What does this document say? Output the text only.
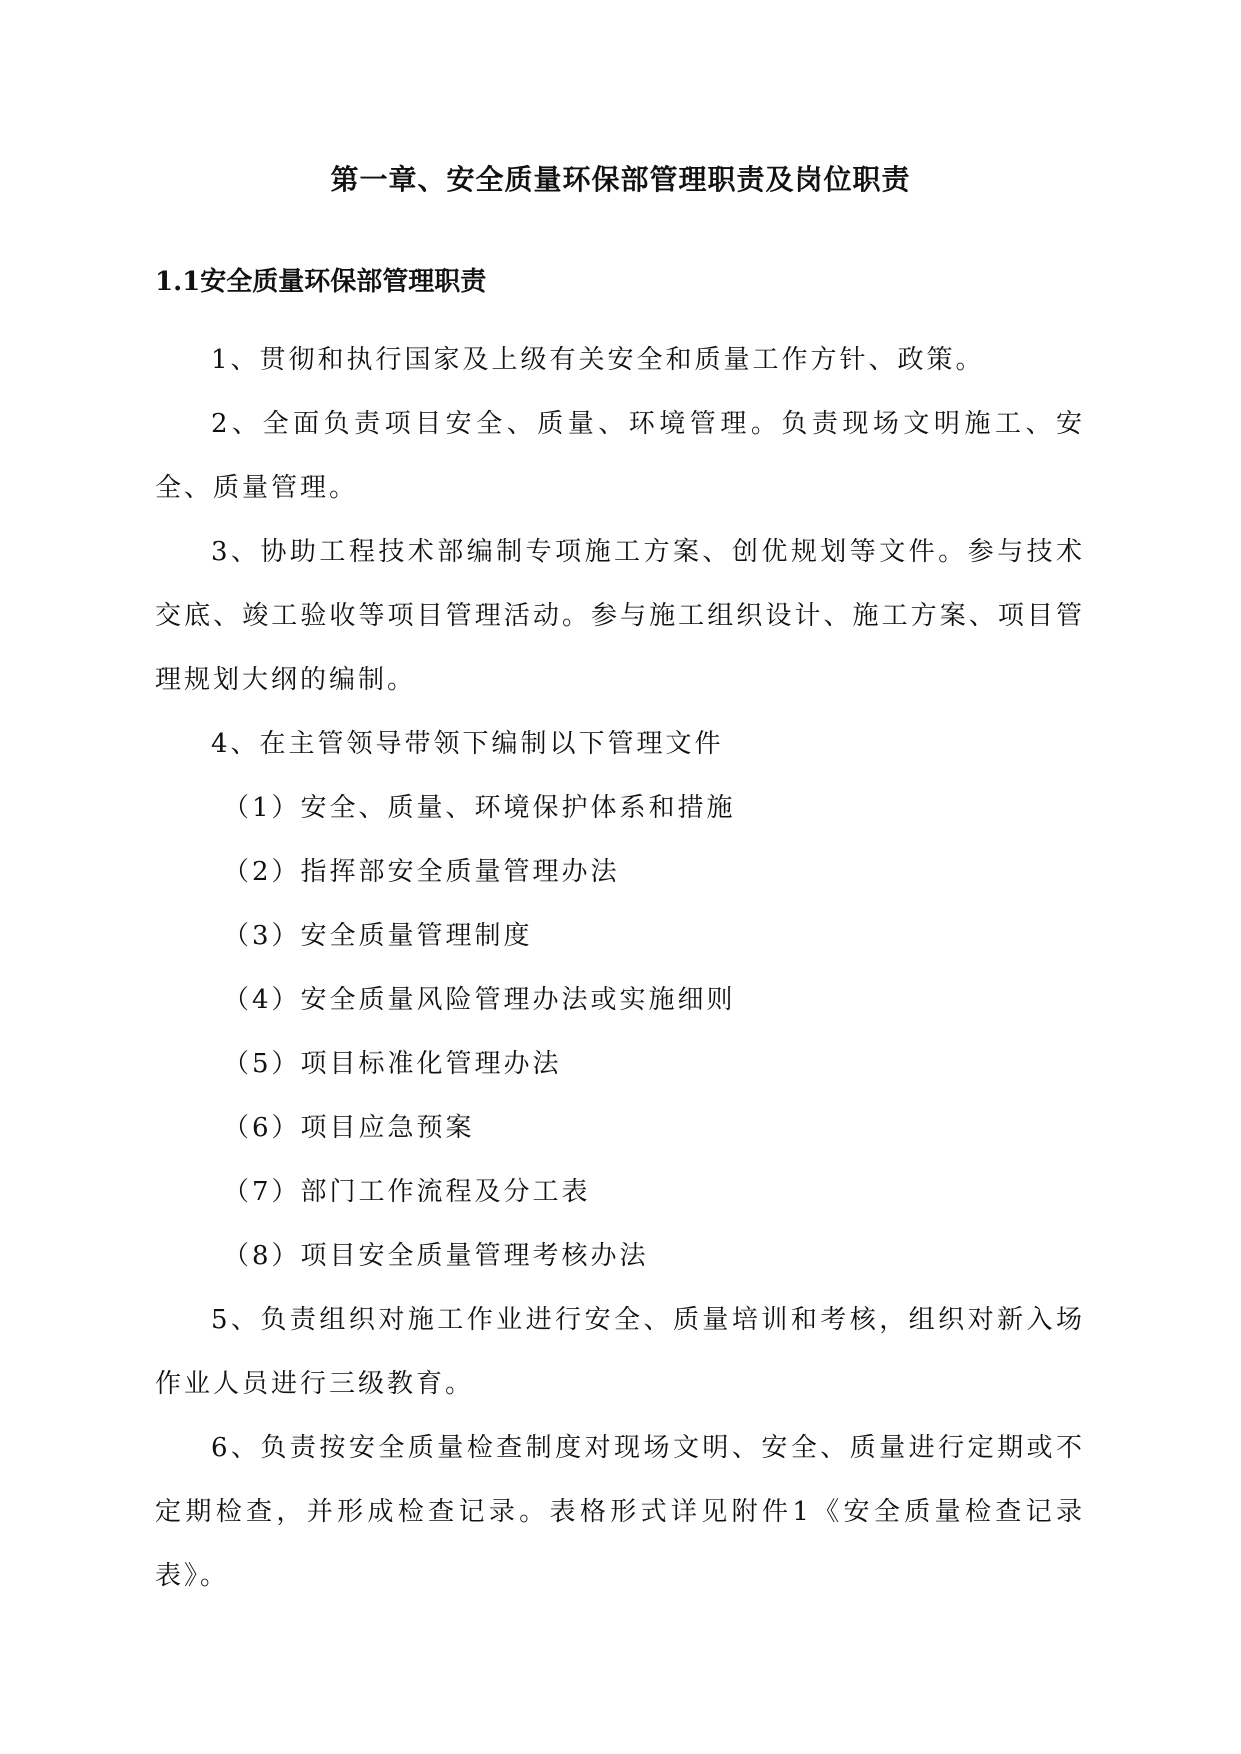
第一章、安全质量环保部管理职责及岗位职责
1.1安全质量环保部管理职责

1、贯彻和执行国家及上级有关安全和质量工作方针、政策。

2、全面负责项目安全、质量、环境管理。负责现场文明施工、安全、质量管理。

3、协助工程技术部编制专项施工方案、创优规划等文件。参与技术交底、竣工验收等项目管理活动。参与施工组织设计、施工方案、项目管理规划大纲的编制。

4、在主管领导带领下编制以下管理文件

（1）安全、质量、环境保护体系和措施

（2）指挥部安全质量管理办法

（3）安全质量管理制度

（4）安全质量风险管理办法或实施细则

（5）项目标准化管理办法

（6）项目应急预案

（7）部门工作流程及分工表

（8）项目安全质量管理考核办法

5、负责组织对施工作业进行安全、质量培训和考核，组织对新入场作业人员进行三级教育。

6、负责按安全质量检查制度对现场文明、安全、质量进行定期或不定期检查，并形成检查记录。表格形式详见附件1《安全质量检查记录表》。
